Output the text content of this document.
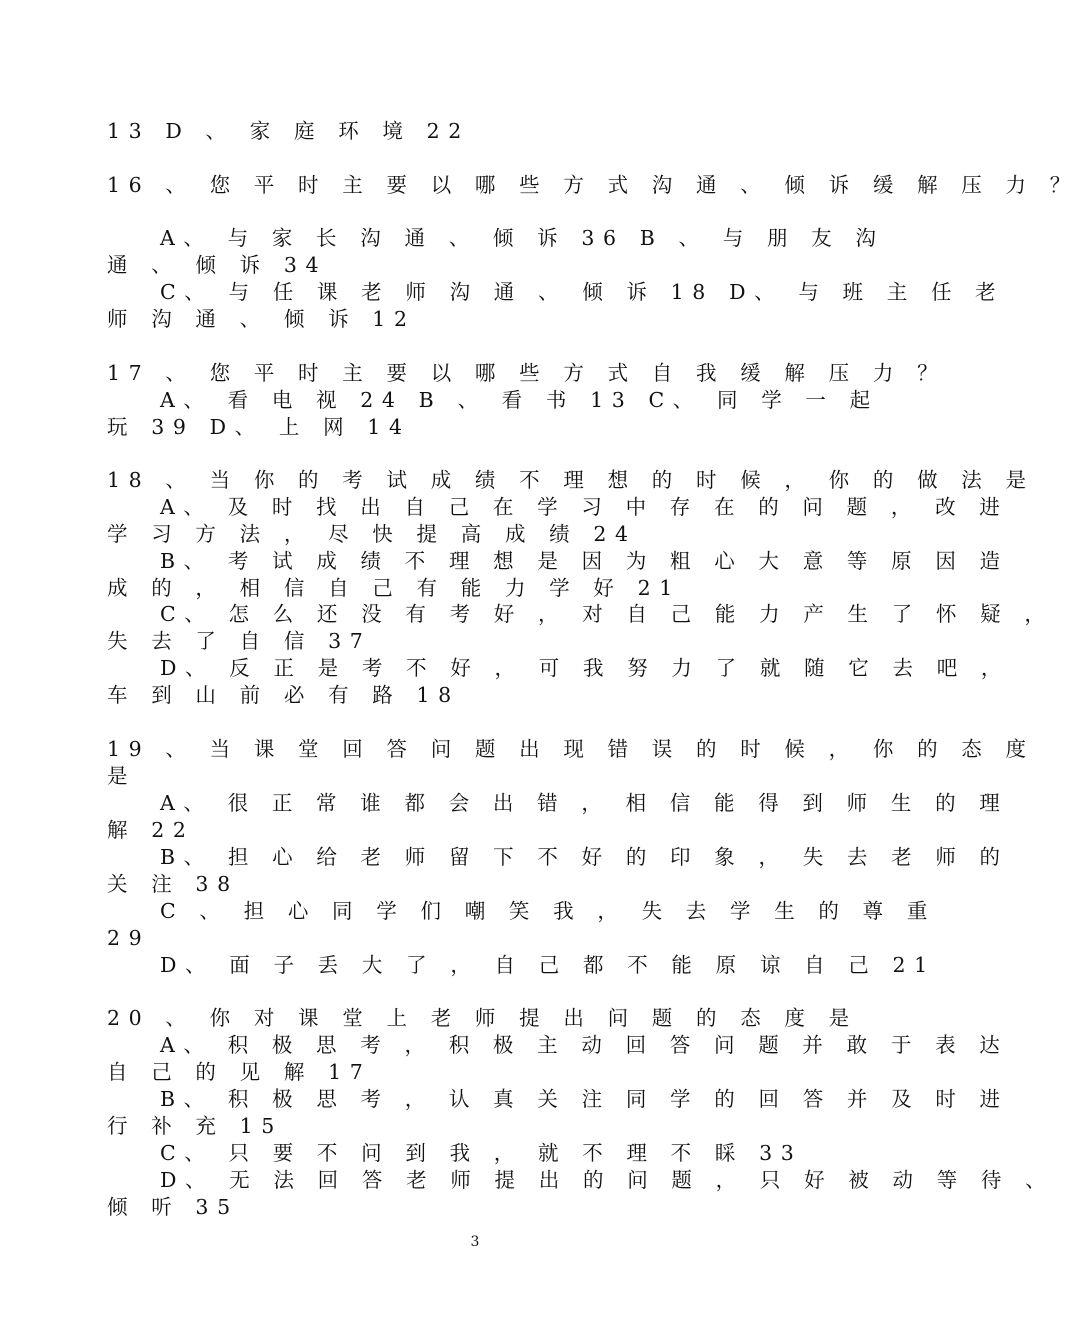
13 D 、 家 庭 环 境 22
16 、 您 平 时 主 要 以 哪 些 方 式 沟 通 、 倾 诉 缓 解 压 力 ？
A、 与 家 长 沟 通 、 倾 诉 36 B 、 与 朋 友 沟
通 、 倾 诉 34
C、 与 任 课 老 师 沟 通 、 倾 诉 18 D、 与 班 主 任 老
师 沟 通 、 倾 诉 12
17 、 您 平 时 主 要 以 哪 些 方 式 自 我 缓 解 压 力 ？
A、 看 电 视 24 B 、 看 书 13 C、 同 学 一 起
玩 39 D、 上 网 14
18 、 当 你 的 考 试 成 绩 不 理 想 的 时 候 ， 你 的 做 法 是
A、 及 时 找 出 自 己 在 学 习 中 存 在 的 问 题 ， 改 进
学 习 方 法 ， 尽 快 提 高 成 绩 24
B、 考 试 成 绩 不 理 想 是 因 为 粗 心 大 意 等 原 因 造
成 的 ， 相 信 自 己 有 能 力 学 好 21
C、 怎 么 还 没 有 考 好 ， 对 自 己 能 力 产 生 了 怀 疑 ，
失 去 了 自 信 37
D、 反 正 是 考 不 好 ， 可 我 努 力 了 就 随 它 去 吧 ，
车 到 山 前 必 有 路 18
19 、 当 课 堂 回 答 问 题 出 现 错 误 的 时 候 ， 你 的 态 度
是
A、 很 正 常 谁 都 会 出 错 ， 相 信 能 得 到 师 生 的 理
解 22
B、 担 心 给 老 师 留 下 不 好 的 印 象 ， 失 去 老 师 的
关 注 38
C 、 担 心 同 学 们 嘲 笑 我 ， 失 去 学 生 的 尊 重
29
D、 面 子 丢 大 了 ， 自 己 都 不 能 原 谅 自 己 21
20 、 你 对 课 堂 上 老 师 提 出 问 题 的 态 度 是
A、 积 极 思 考 ， 积 极 主 动 回 答 问 题 并 敢 于 表 达
自 己 的 见 解 17
B、 积 极 思 考 ， 认 真 关 注 同 学 的 回 答 并 及 时 进
行 补 充 15
C、 只 要 不 问 到 我 ， 就 不 理 不 睬 33
D、 无 法 回 答 老 师 提 出 的 问 题 ， 只 好 被 动 等 待 、
倾 听 35
3
